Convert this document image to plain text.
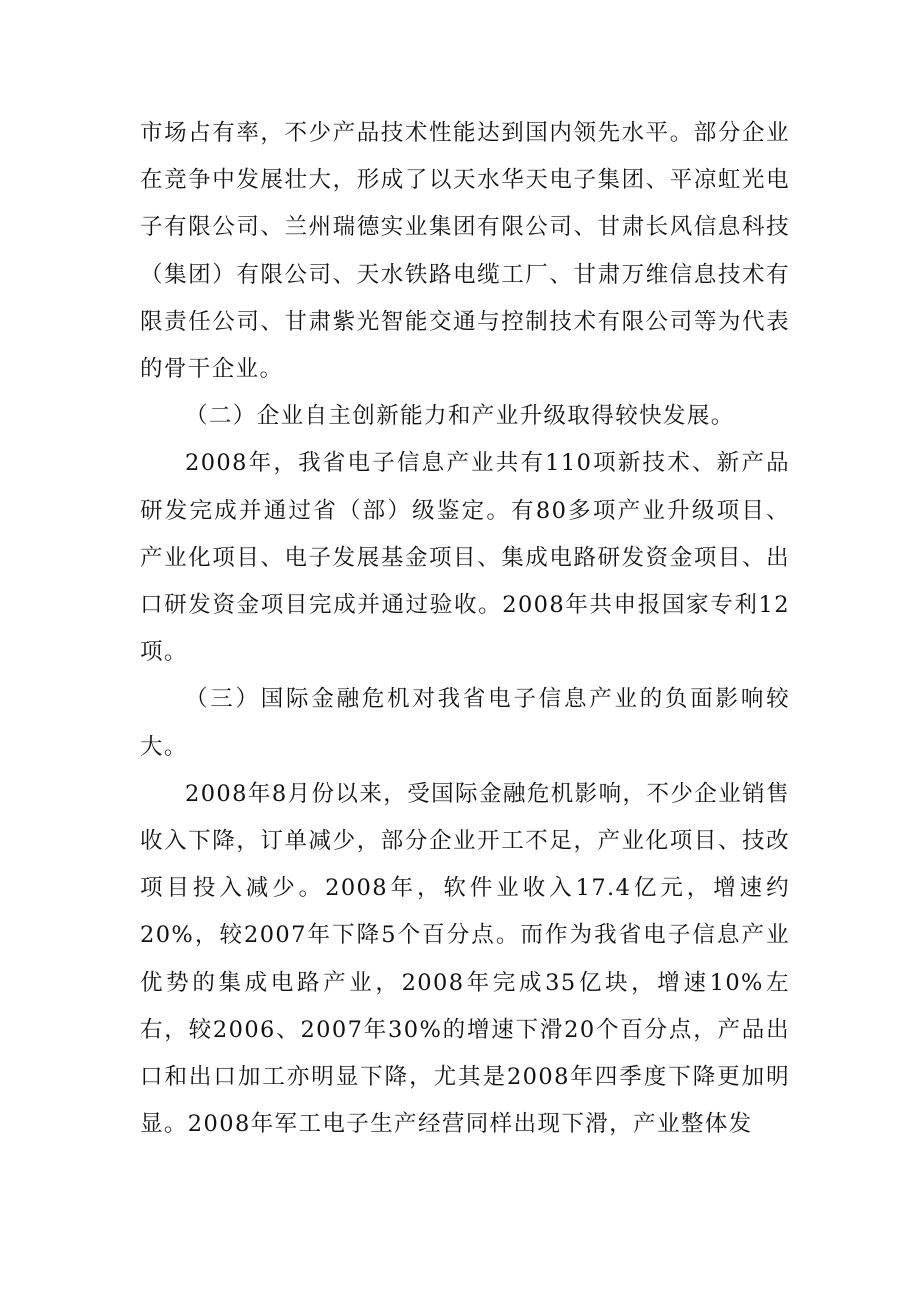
市场占有率，不少产品技术性能达到国内领先水平。部分企业在竞争中发展壮大，形成了以天水华天电子集团、平凉虹光电子有限公司、兰州瑞德实业集团有限公司、甘肃长风信息科技（集团）有限公司、天水铁路电缆工厂、甘肃万维信息技术有限责任公司、甘肃紫光智能交通与控制技术有限公司等为代表的骨干企业。

（二）企业自主创新能力和产业升级取得较快发展。

2008年，我省电子信息产业共有110项新技术、新产品研发完成并通过省（部）级鉴定。有80多项产业升级项目、产业化项目、电子发展基金项目、集成电路研发资金项目、出口研发资金项目完成并通过验收。2008年共申报国家专利12项。

（三）国际金融危机对我省电子信息产业的负面影响较大。

2008年8月份以来，受国际金融危机影响，不少企业销售收入下降，订单减少，部分企业开工不足，产业化项目、技改项目投入减少。2008年，软件业收入17.4亿元，增速约20%，较2007年下降5个百分点。而作为我省电子信息产业优势的集成电路产业，2008年完成35亿块，增速10%左右，较2006、2007年30%的增速下滑20个百分点，产品出口和出口加工亦明显下降，尤其是2008年四季度下降更加明显。2008年军工电子生产经营同样出现下滑，产业整体发
